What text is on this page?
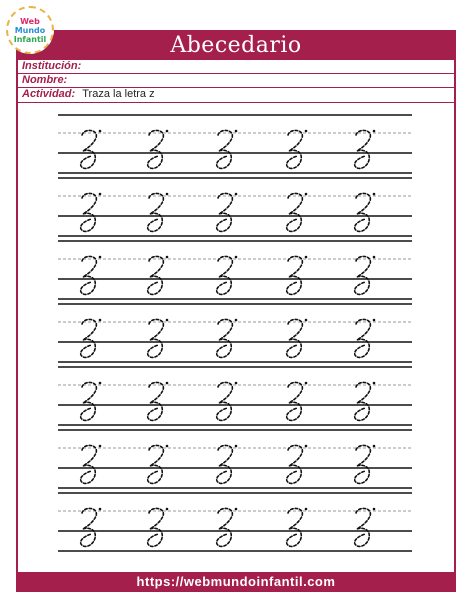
Web
Mundo
Infantil	Abecedario
Institución:
Nombre:
Actividad: Traza la letra z
https://webmundoinfantil.com
